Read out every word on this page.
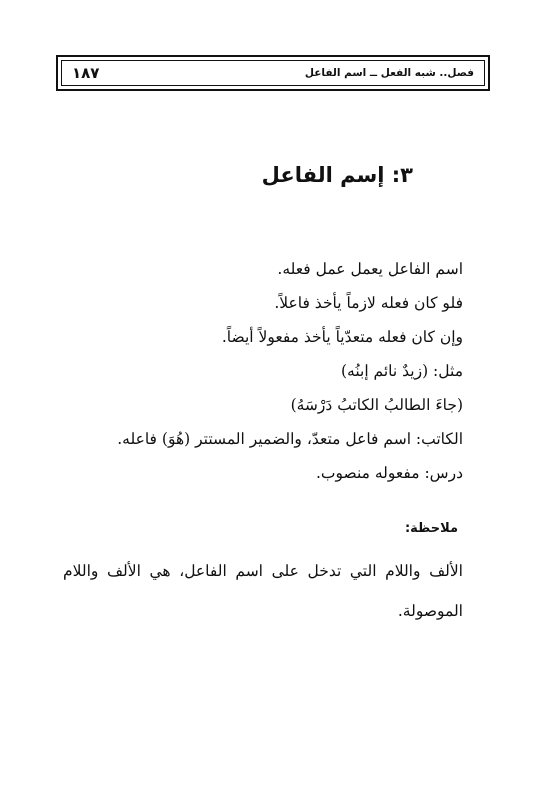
١٨٧	فصل.. شبه الفعل ــ اسم الفاعل
٣: إسم الفاعل
اسم الفاعل يعمل عمل فعله.
فلو كان فعله لازماً يأخذ فاعلاً.
وإن كان فعله متعدّياً يأخذ مفعولاً أيضاً.
مثل: (زيدٌ نائم إبنُه)
(جاءَ الطالبُ الكاتبُ دَرْسَهُ)
الكاتب: اسم فاعل متعدّ، والضمير المستتر (هُوَ) فاعله.
درس: مفعوله منصوب.
ملاحظة:
الألف واللام التي تدخل على اسم الفاعل، هي الألف واللام الموصولة.
